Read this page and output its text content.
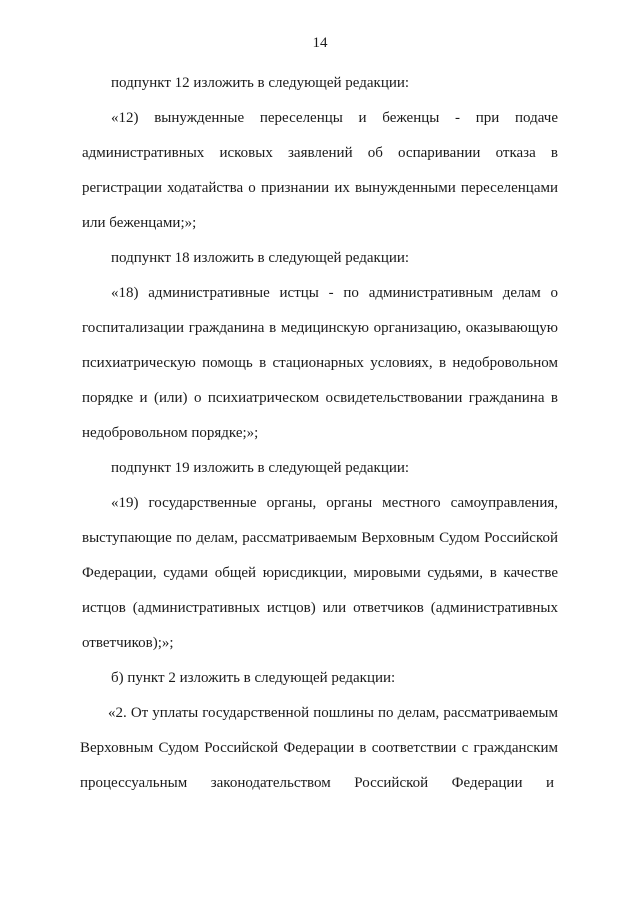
14
подпункт 12 изложить в следующей редакции:
«12) вынужденные переселенцы и беженцы - при подаче
административных исковых заявлений об оспаривании отказа в
регистрации ходатайства о признании их вынужденными переселенцами
или беженцами;»;
подпункт 18 изложить в следующей редакции:
«18) административные истцы - по административным делам о
госпитализации гражданина в медицинскую организацию, оказывающую
психиатрическую помощь в стационарных условиях, в недобровольном
порядке и (или) о психиатрическом освидетельствовании гражданина в
недобровольном порядке;»;
подпункт 19 изложить в следующей редакции:
«19) государственные органы, органы местного самоуправления,
выступающие по делам, рассматриваемым Верховным Судом Российской
Федерации, судами общей юрисдикции, мировыми судьями, в качестве
истцов (административных истцов) или ответчиков (административных
ответчиков);»;
б) пункт 2 изложить в следующей редакции:
«2. От уплаты государственной пошлины по делам, рассматриваемым
Верховным Судом Российской Федерации в соответствии с гражданским
процессуальным законодательством Российской Федерации и
